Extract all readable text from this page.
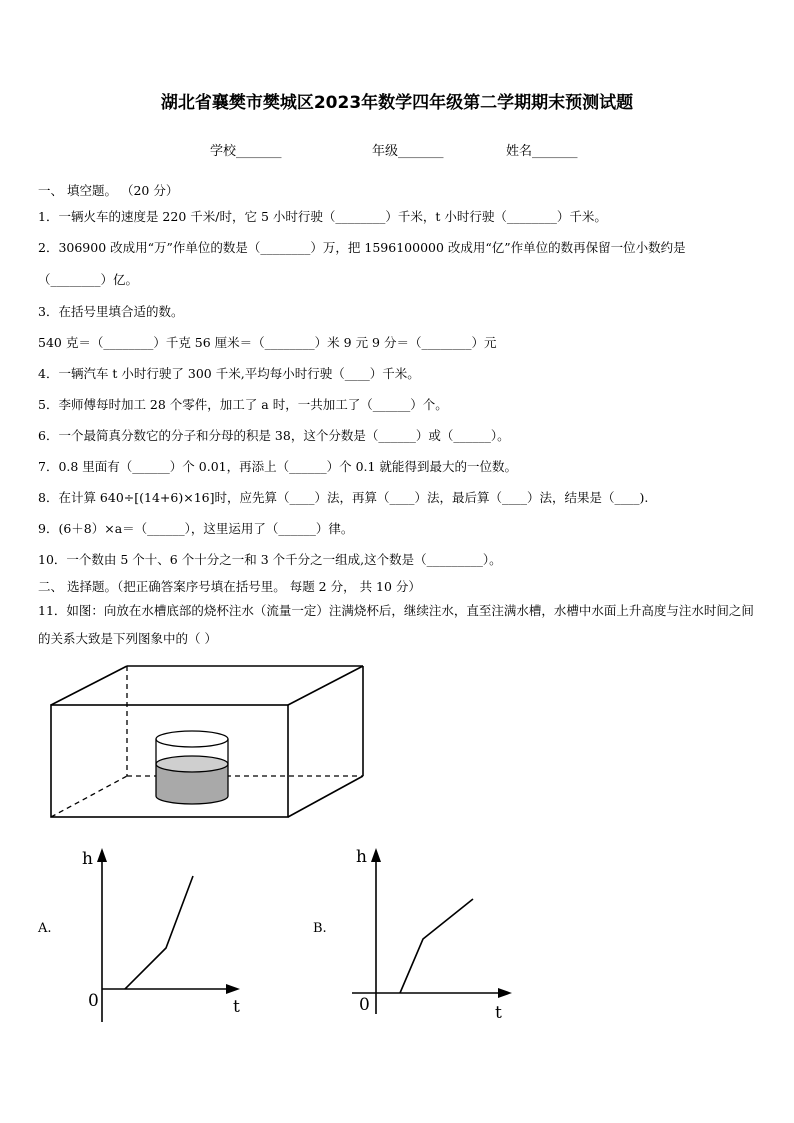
湖北省襄樊市樊城区2023年数学四年级第二学期期末预测试题
学校_______	年级_______	姓名_______
一、 填空题。 （20 分）
1．一辆火车的速度是 220 千米/时，它 5 小时行驶（________）千米，t 小时行驶（________）千米。
2．306900 改成用“万”作单位的数是（________）万，把 1596100000 改成用“亿”作单位的数再保留一位小数约是
（________）亿。
3．在括号里填合适的数。
540 克＝（________）千克 56 厘米＝（________）米 9 元 9 分＝（________）元
4．一辆汽车 t 小时行驶了 300 千米,平均每小时行驶（____）千米。
5．李师傅每时加工 28 个零件，加工了 a 时，一共加工了（______）个。
6．一个最简真分数它的分子和分母的积是 38，这个分数是（______）或（______）。
7．0.8 里面有（______）个 0.01，再添上（______）个 0.1 就能得到最大的一位数。
8．在计算 640÷[(14+6)×16]时，应先算（____）法，再算（____）法，最后算（____）法，结果是（____).
9．(6＋8）×a＝（______），这里运用了（______）律。
10．一个数由 5 个十、6 个十分之一和 3 个千分之一组成,这个数是（_________）。
二、 选择题。（把正确答案序号填在括号里。 每题 2 分， 共 10 分）
11．如图：向放在水槽底部的烧杯注水（流量一定）注满烧杯后，继续注水，直至注满水槽，水槽中水面上升高度与注水时间之间的关系大致是下列图象中的（ ）
A.
h
0	t
B.
h
0	t
